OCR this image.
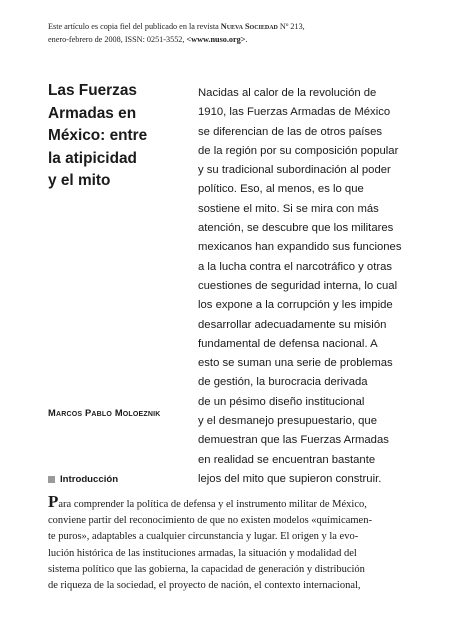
Este artículo es copia fiel del publicado en la revista Nueva Sociedad Nº 213,
enero-febrero de 2008, ISSN: 0251-3552, <www.nuso.org>.
Las Fuerzas
Armadas en
México: entre
la atipicidad
y el mito
Nacidas al calor de la revolución de
1910, las Fuerzas Armadas de México
se diferencian de las de otros países
de la región por su composición popular
y su tradicional subordinación al poder
político. Eso, al menos, es lo que
sostiene el mito. Si se mira con más
atención, se descubre que los militares
mexicanos han expandido sus funciones
a la lucha contra el narcotráfico y otras
cuestiones de seguridad interna, lo cual
los expone a la corrupción y les impide
desarrollar adecuadamente su misión
fundamental de defensa nacional. A
esto se suman una serie de problemas
de gestión, la burocracia derivada
de un pésimo diseño institucional
y el desmanejo presupuestario, que
demuestran que las Fuerzas Armadas
en realidad se encuentran bastante
lejos del mito que supieron construir.
Marcos Pablo Moloeznik
Introducción
Para comprender la política de defensa y el instrumento militar de México,
conviene partir del reconocimiento de que no existen modelos «químicamen-
te puros», adaptables a cualquier circunstancia y lugar. El origen y la evo-
lución histórica de las instituciones armadas, la situación y modalidad del
sistema político que las gobierna, la capacidad de generación y distribución
de riqueza de la sociedad, el proyecto de nación, el contexto internacional,
